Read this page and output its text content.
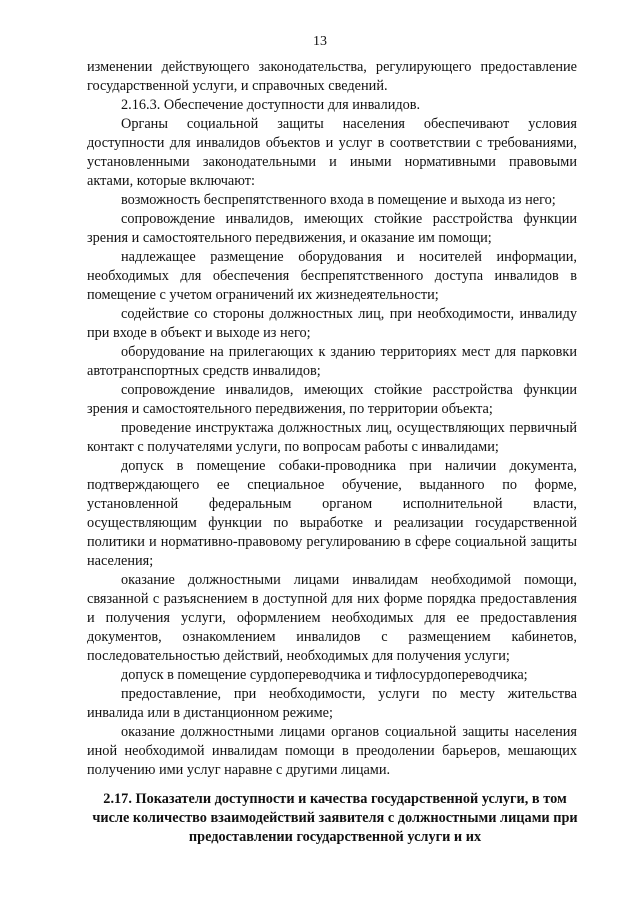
13

изменении действующего законодательства, регулирующего предоставление государственной услуги, и справочных сведений.

2.16.3. Обеспечение доступности для инвалидов.

Органы социальной защиты населения обеспечивают условия доступности для инвалидов объектов и услуг в соответствии с требованиями, установленными законодательными и иными нормативными правовыми актами, которые включают:

возможность беспрепятственного входа в помещение и выхода из него;

сопровождение инвалидов, имеющих стойкие расстройства функции зрения и самостоятельного передвижения, и оказание им помощи;

надлежащее размещение оборудования и носителей информации, необходимых для обеспечения беспрепятственного доступа инвалидов в помещение с учетом ограничений их жизнедеятельности;

содействие со стороны должностных лиц, при необходимости, инвалиду при входе в объект и выходе из него;

оборудование на прилегающих к зданию территориях мест для парковки автотранспортных средств инвалидов;

сопровождение инвалидов, имеющих стойкие расстройства функции зрения и самостоятельного передвижения, по территории объекта;

проведение инструктажа должностных лиц, осуществляющих первичный контакт с получателями услуги, по вопросам работы с инвалидами;

допуск в помещение собаки-проводника при наличии документа, подтверждающего ее специальное обучение, выданного по форме, установленной федеральным органом исполнительной власти, осуществляющим функции по выработке и реализации государственной политики и нормативно-правовому регулированию в сфере социальной защиты населения;

оказание должностными лицами инвалидам необходимой помощи, связанной с разъяснением в доступной для них форме порядка предоставления и получения услуги, оформлением необходимых для ее предоставления документов, ознакомлением инвалидов с размещением кабинетов, последовательностью действий, необходимых для получения услуги;

допуск в помещение сурдопереводчика и тифлосурдопереводчика;

предоставление, при необходимости, услуги по месту жительства инвалида или в дистанционном режиме;

оказание должностными лицами органов социальной защиты населения иной необходимой инвалидам помощи в преодолении барьеров, мешающих получению ими услуг наравне с другими лицами.

2.17. Показатели доступности и качества государственной услуги, в том числе количество взаимодействий заявителя с должностными лицами при предоставлении государственной услуги и их
